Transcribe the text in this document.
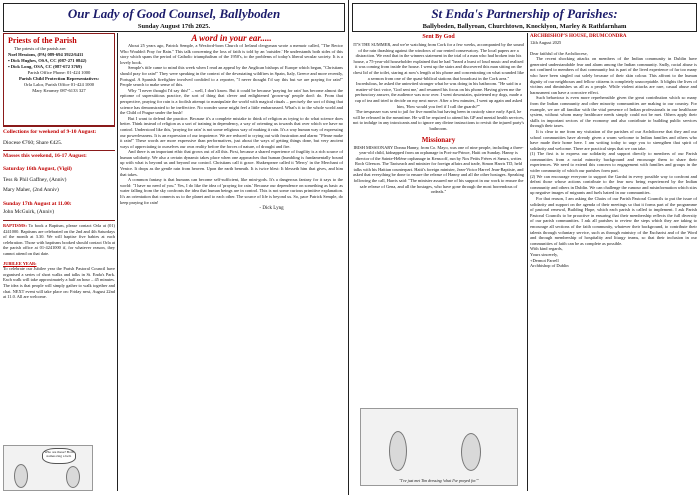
Our Lady of Good Counsel, Ballyboden
Sunday August 17th 2025.
St Enda's Partnership of Parishes:
Ballyboden, Ballyroan, Churchtown, Knocklyon, Marley & Rathfarnham
Priests of the Parish
The priests of the parish are:
Noel Hessions, (PA) 089-694 3922/6411
▪ Dick Hughes, OSA, CC (087-271 0842)
▪ Dick Long, OSA, CC (087-672 3769)
Parish Office Phone: 01-424 1000
Parish Child Protection Representatives:
Orla Lalor, Parish Office 01-424 1000
Mary Kearney 087-6133 327
Collections for weekend of 9-10 August:
Diocese €760; Share €425.
Masses this weekend, 16-17 August:
Saturday 16th August, (Vigil)
Tess & Phil Gaffney, (Anniv)
Mary Maher, (2nd Anniv)
Sunday 17th August at 11.00:
John McGuirk, (Anniv)
BAPTISMS: To book a Baptism, please contact Orla at (01) 4241000. Baptisms are celebrated on the 2nd and 4th Saturdays of the month at 3.30. We will baptise five babies at each celebration. Those with baptisms booked should contact Orla at the parish office at 01-4241000 if, for whatever reason, they cannot attend on that date.
JUBILEE YEAR:
To celebrate our Jubilee year the Parish Pastoral Council have organised a series of short walks and talks in St. Enda's Park. Each walk will take approximately a half an hour – 45 minutes. The idea is that people will simply gather to walk together and chat. NEXT event will take place on: Friday next, August 22nd at 11.0. All are welcome.
Who are these? Both names ring a bell.
A word in your ear.....
About 25 years ago, Patrick Semple, a Wexford-born Church of Ireland clergyman wrote a memoir called, "The Rector Who Wouldn't Pray for Rain." This talk concerning the loss of faith is told by an 'outsider.' He understands both sides of this story which spans the period of Catholic triumphalism of the 1950's, to the problems of today's liberal secular society. It is a lovely book.
Semple's title came to mind this week when I read an appeal by the Anglican bishops of Europe which began, "Christians should pray for rain!" They were speaking in the context of the devastating wildfires in Spain, Italy, Greece and more recently, Portugal. A Spanish firefighter involved confided to a reporter, "I never thought I'd say this but we are praying for rain!" People search to make sense of this.
Why "I never thought I'd say this!" – well, I don't know. But it could be because 'praying for rain' has become almost the epitome of superstitious practice, the sort of thing that clever and enlightened 'grown-up' people don't do. From that perspective, praying for rain is a foolish attempt to manipulate the world with magical rituals – precisely the sort of thing that science has demonstrated to be ineffective. No wonder some might feel a little embarrassed. What's it to the whole world and the Child of Prague under the bush!
But I want to defend the practice. Because it's a complete mistake to think of religion as trying to do what science does better. Think instead of religion as a sort of training in dependency, a way of orienting us towards that over which we have no control. Understood like this, 'praying for rain' is not some religious way of making it rain. It's a way human way of expressing our powerlessness. It is an expression of our impotence. We are reduced to crying out with frustration and alarm: "Please make it rain!" These words are more expressive than performatives, just about the ways of getting things done, but very ancient ways of appreciating to ourselves our own reality before the forces of nature, of drought and fire.
And there is an important ethic that grows out of all this. First, because a shared experience of fragility is a rich source of human solidarity. We also a certain dynamic takes place when one approaches that human (humbling is fundamentally bound up with what is beyond us and beyond our control. Christians call it grace. Shakespeare called it 'Mercy' in the Merchant of Venice. It drops as the gentle rain from heaven. Upon the earth beneath. It is twice blest: It blesseth him that gives, and him that takes.
A common fantasy is that humans can become self-sufficient, like mini-gods. It's a dangerous fantasy for it says to the world: "I have no need of you." Yes, I do like the idea of 'praying for rain.' Because our dependence on something as basic as water falling from the sky confronts the idea that human beings are in control. This is not some curious primitive explanation. It's an orientation that connects us to the planet and to each other. The source of life is beyond us. So, pace Patrick Semple, do keep praying for rain!
- Dick Lyng
Sent By God
IT'S THE SUMMER, and we're watching from Cork for a few weeks, accompanied by the sound of the rain thrashing against the windows of our rented conservatory. The local papers are a distraction. We read that in the winners statement in the trial of a man who had broken into his house, a 75-year-old householder explained that he had "heard a burst of loud music and realised it was coming from inside the house. I went up the stairs and discovered this man sitting on the chest lid of the toilet, staring at now's length at his phone and concentrating on what sounded like a sermon from one of the quasi-biblical stations that broadcast in the Cork area."
Incredulous, he asked the uninvited stranger what he was doing in his bathroom. "He said in a matter-of-fact voice, 'God sent me,' and resumed his focus on his phone. Having given me the perfunctory answer, the audience was now over. I went downstairs, quietened my dogs, made a cup of tea and tried to decide on my next move. After a few minutes, I went up again and asked him, 'How would you feel if I call the guards?'"
The trespasser was sent to jail for five months but having been in custody since early April, he will be released in the meantime. He will be required to attend his GP and mental health services, not to indulge in any intoxicants and to ignore any divine instructions to revisit the injured party's bathroom.
Missionary
IRISH MISSIONARY Donna Hanny, from Co. Mayo, was one of nine people, including a three-year-old child, kidnapped from an orphanage in Port-au-Prince, Haiti on Sunday. Hanny is director of the Sainte-Hélène orphanage in Kenscoff, run by Nos Petits Frères et Sœurs, writes Roch Gleeson. The Taoiseach and minister for foreign affairs and trade, Simon Harris TD, held talks with his Haitian counterpart. Haiti's foreign minister, Jean-Victor Harvel Jean-Baptiste, and asked that everything be done to ensure the release of Hanny and all the other hostages. Speaking following the call, Harris said: "The minister assured me of his support in our work to ensure the safe release of Gena, and all the hostages, who have gone through the most horrendous of ordeals."
"I've just met Tim dressing 'what I've prayed for.'"
ARCHBISHOP'S HOUSE, DRUMCONDRA
12th August 2025
Dear faithful of the Archdiocese,
The recent shocking attacks on members of the Indian community in Dublin have generated understandable fear and alarm among the Indian community. Sadly, racial abuse is not confined to members of that community but is part of the lived experience of far too many who have been singled out solely because of their skin colour. This affront to the human dignity of our neighbours and fellow citizens is completely unacceptable. It blights the lives of victims and diminishes us all as a people. While violent attacks are rare, casual abuse and harassment can have a corrosive effect.
Such behaviour is even more reprehensible given the great contribution which so many from the Indian community and other minority communities are making to our country. For example, we are all familiar with the vital presence of Indian professionals in our healthcare system, without whom many healthcare needs simply could not be met. Others apply their skills in important sectors of the economy and also contribute to building public services through their taxes.
It is clear to me from my visitation of the parishes of our Archdiocese that they and our school communities have already given a warm welcome to Indian families and others who have made their home here. I am writing today to urge you to strengthen that spirit of solidarity and welcome. There are practical steps that we can take.
(1) The first is to express our solidarity and support directly to members of our Parish communities from a racial minority background and encourage them to share their experiences. We need to extend this concern to engagement with families and groups in the wider community of which our parishes form part.
(2) We can encourage everyone to support the Gardaí in every possible way to confront and defeat those whose actions contribute to the fear now being experienced by the Indian community and others in Dublin. We can challenge the rumour and misinformation which stirs up negative images of migrants and fuels hatred in our communities.
For that reason, I am asking the Chairs of our Parish Pastoral Councils to put the issue of solidarity and support on the agenda of their meetings so that it forms part of the programme of pastoral renewal, Building Hope, which each parish is called to implement. I ask Parish Pastoral Councils to be proactive in ensuring that their membership reflects the full diversity of our parish communities. I ask all parishes to review the steps which they are taking to encourage all sections of the faith community, whatever their background, to contribute their talents through voluntary service, such as through ministry of the Eucharist and of the Word and through membership of hospitality and liturgy teams, so that their inclusion in our communities of faith can be as complete as possible.
With kind regards,
Yours sincerely,
+Dermot Farrell
Archbishop of Dublin
